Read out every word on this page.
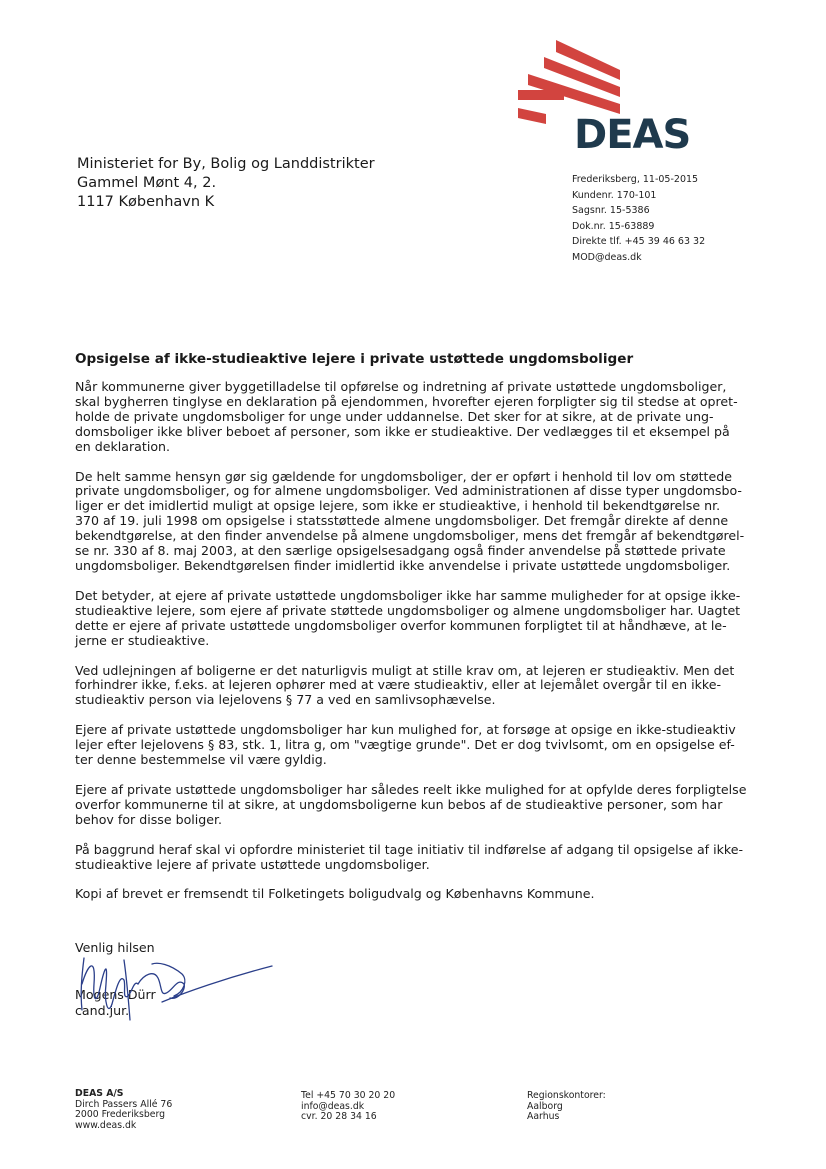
DEAS
Ministeriet for By, Bolig og Landdistrikter
Gammel Mønt 4, 2.
1117 København K
Frederiksberg, 11-05-2015
Kundenr. 170-101
Sagsnr. 15-5386
Dok.nr. 15-63889
Direkte tlf. +45 39 46 63 32
MOD@deas.dk
Opsigelse af ikke-studieaktive lejere i private ustøttede ungdomsboliger

Når kommunerne giver byggetilladelse til opførelse og indretning af private ustøttede ungdomsboliger,
skal bygherren tinglyse en deklaration på ejendommen, hvorefter ejeren forpligter sig til stedse at opret-
holde de private ungdomsboliger for unge under uddannelse. Det sker for at sikre, at de private ung-
domsboliger ikke bliver beboet af personer, som ikke er studieaktive. Der vedlægges til et eksempel på
en deklaration.

De helt samme hensyn gør sig gældende for ungdomsboliger, der er opført i henhold til lov om støttede
private ungdomsboliger, og for almene ungdomsboliger. Ved administrationen af disse typer ungdomsbo-
liger er det imidlertid muligt at opsige lejere, som ikke er studieaktive, i henhold til bekendtgørelse nr.
370 af 19. juli 1998 om opsigelse i statsstøttede almene ungdomsboliger. Det fremgår direkte af denne
bekendtgørelse, at den finder anvendelse på almene ungdomsboliger, mens det fremgår af bekendtgørel-
se nr. 330 af 8. maj 2003, at den særlige opsigelsesadgang også finder anvendelse på støttede private
ungdomsboliger. Bekendtgørelsen finder imidlertid ikke anvendelse i private ustøttede ungdomsboliger.

Det betyder, at ejere af private ustøttede ungdomsboliger ikke har samme muligheder for at opsige ikke-
studieaktive lejere, som ejere af private støttede ungdomsboliger og almene ungdomsboliger har. Uagtet
dette er ejere af private ustøttede ungdomsboliger overfor kommunen forpligtet til at håndhæve, at le-
jerne er studieaktive.

Ved udlejningen af boligerne er det naturligvis muligt at stille krav om, at lejeren er studieaktiv. Men det
forhindrer ikke, f.eks. at lejeren ophører med at være studieaktiv, eller at lejemålet overgår til en ikke-
studieaktiv person via lejelovens § 77 a ved en samlivsophævelse.

Ejere af private ustøttede ungdomsboliger har kun mulighed for, at forsøge at opsige en ikke-studieaktiv
lejer efter lejelovens § 83, stk. 1, litra g, om "vægtige grunde". Det er dog tvivlsomt, om en opsigelse ef-
ter denne bestemmelse vil være gyldig.

Ejere af private ustøttede ungdomsboliger har således reelt ikke mulighed for at opfylde deres forpligtelse
overfor kommunerne til at sikre, at ungdomsboligerne kun bebos af de studieaktive personer, som har
behov for disse boliger.

På baggrund heraf skal vi opfordre ministeriet til tage initiativ til indførelse af adgang til opsigelse af ikke-
studieaktive lejere af private ustøttede ungdomsboliger.

Kopi af brevet er fremsendt til Folketingets boligudvalg og Københavns Kommune.

Venlig hilsen
Mogens Dürr
cand.jur.
DEAS A/S
Dirch Passers Allé 76
2000 Frederiksberg
www.deas.dk
Tel +45 70 30 20 20
info@deas.dk
cvr. 20 28 34 16
Regionskontorer:
Aalborg
Aarhus
